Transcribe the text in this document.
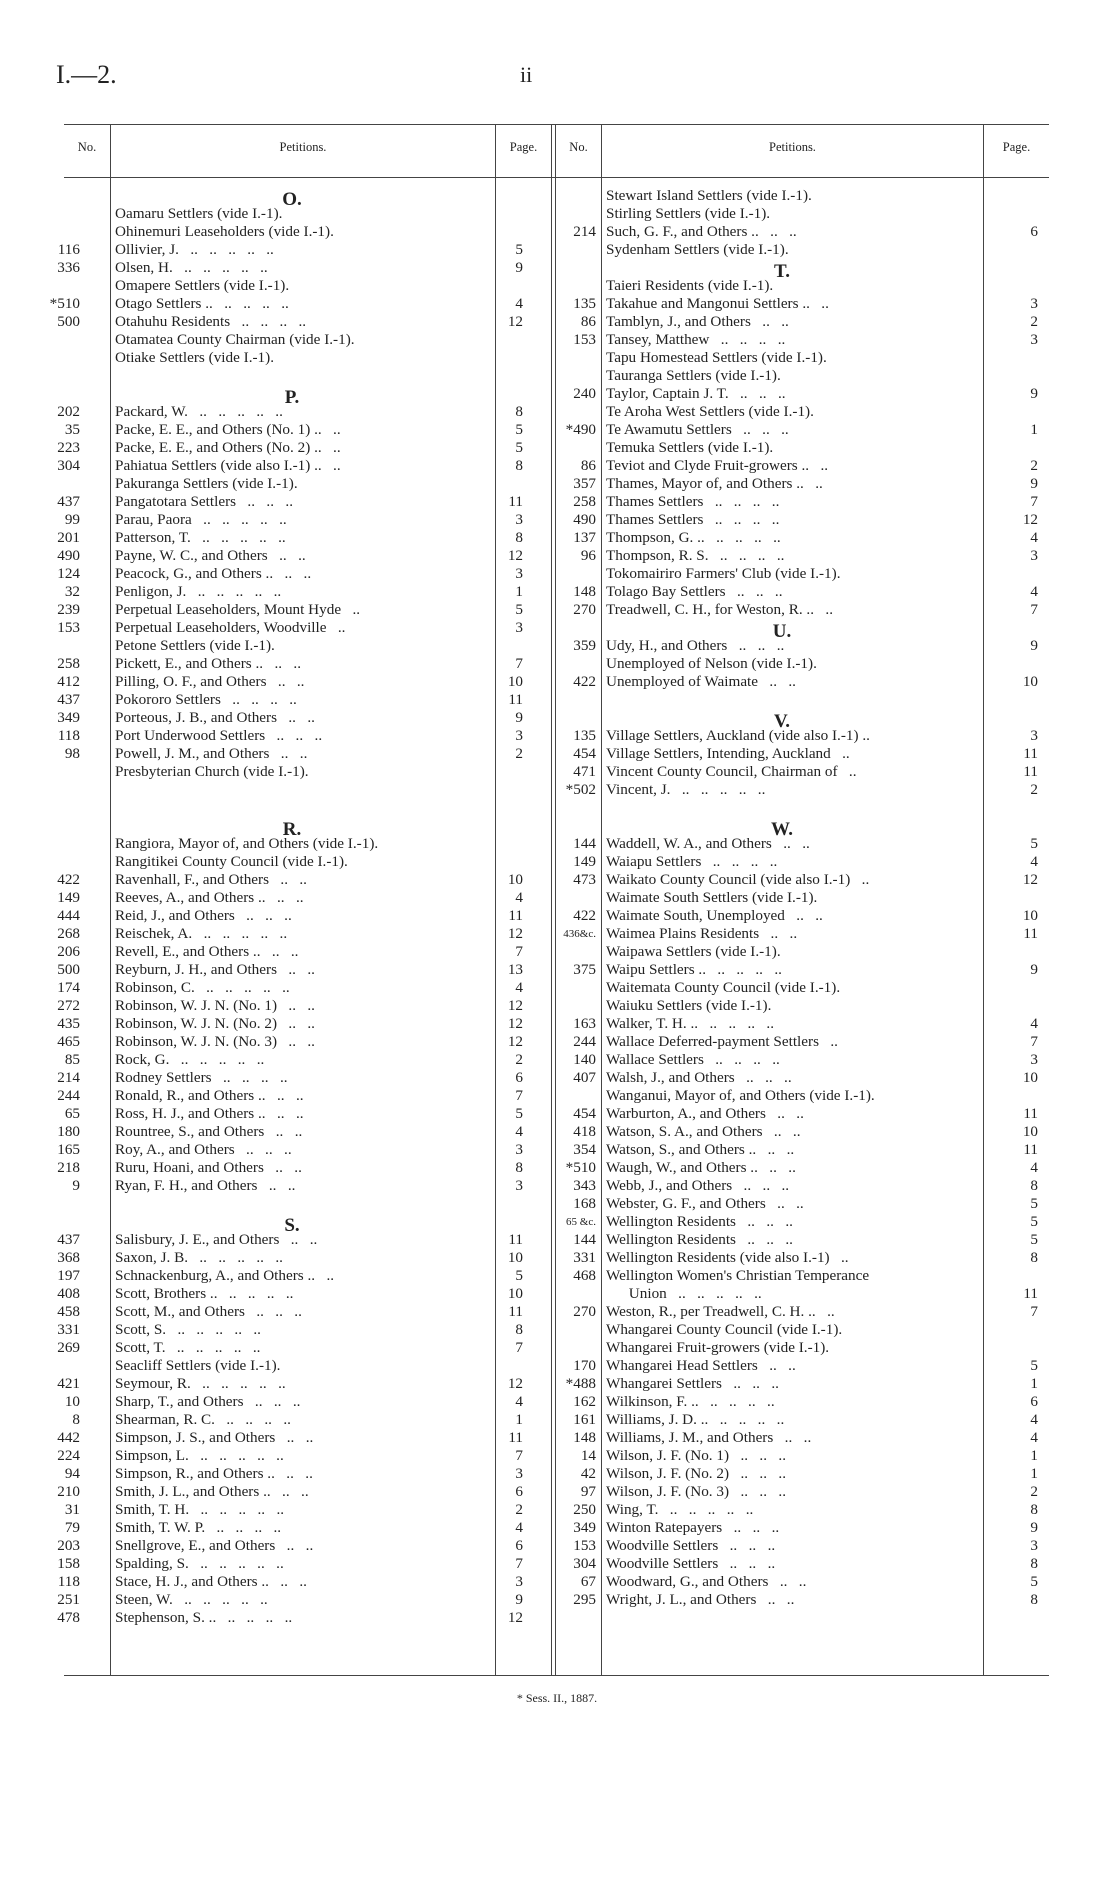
I.—2.	ii
No.	Petitions.	Page.	No.	Petitions.	Page.
O.
Oamaru Settlers (vide I.-1).
Ohinemuri Leaseholders (vide I.-1).
116 Ollivier, J.   ..   ..   ..   ..   ..	5
336 Olsen, H.   ..   ..   ..   ..   ..	9
Omapere Settlers (vide I.-1).
*510 Otago Settlers ..   ..   ..   ..   ..	4
500 Otahuhu Residents   ..   ..   ..   ..	12
Otamatea County Chairman (vide I.-1).
Otiake Settlers (vide I.-1).
P.
202 Packard, W.   ..   ..   ..   ..   ..	8
35 Packe, E. E., and Others (No. 1) ..   ..	5
223 Packe, E. E., and Others (No. 2) ..   ..	5
304 Pahiatua Settlers (vide also I.-1) ..   ..	8
Pakuranga Settlers (vide I.-1).
437 Pangatotara Settlers   ..   ..   ..	11
99 Parau, Paora   ..   ..   ..   ..   ..	3
201 Patterson, T.   ..   ..   ..   ..   ..	8
490 Payne, W. C., and Others   ..   ..	12
124 Peacock, G., and Others ..   ..   ..	3
32 Penligon, J.   ..   ..   ..   ..   ..	1
239 Perpetual Leaseholders, Mount Hyde   ..	5
153 Perpetual Leaseholders, Woodville   ..	3
Petone Settlers (vide I.-1).
258 Pickett, E., and Others ..   ..   ..	7
412 Pilling, O. F., and Others   ..   ..	10
437 Pokororo Settlers   ..   ..   ..   ..	11
349 Porteous, J. B., and Others   ..   ..	9
118 Port Underwood Settlers   ..   ..   ..	3
98 Powell, J. M., and Others   ..   ..	2
Presbyterian Church (vide I.-1).
R.
Rangiora, Mayor of, and Others (vide I.-1).
Rangitikei County Council (vide I.-1).
422 Ravenhall, F., and Others   ..   ..	10
149 Reeves, A., and Others ..   ..   ..	4
444 Reid, J., and Others   ..   ..   ..	11
268 Reischek, A.   ..   ..   ..   ..   ..	12
206 Revell, E., and Others ..   ..   ..	7
500 Reyburn, J. H., and Others   ..   ..	13
174 Robinson, C.   ..   ..   ..   ..   ..	4
272 Robinson, W. J. N. (No. 1)   ..   ..	12
435 Robinson, W. J. N. (No. 2)   ..   ..	12
465 Robinson, W. J. N. (No. 3)   ..   ..	12
85 Rock, G.   ..   ..   ..   ..   ..	2
214 Rodney Settlers   ..   ..   ..   ..	6
244 Ronald, R., and Others ..   ..   ..	7
65 Ross, H. J., and Others ..   ..   ..	5
180 Rountree, S., and Others   ..   ..	4
165 Roy, A., and Others   ..   ..   ..	3
218 Ruru, Hoani, and Others   ..   ..	8
9 Ryan, F. H., and Others   ..   ..	3
S.
437 Salisbury, J. E., and Others   ..   ..	11
368 Saxon, J. B.   ..   ..   ..   ..   ..	10
197 Schnackenburg, A., and Others ..   ..	5
408 Scott, Brothers ..   ..   ..   ..   ..	10
458 Scott, M., and Others   ..   ..   ..	11
331 Scott, S.   ..   ..   ..   ..   ..	8
269 Scott, T.   ..   ..   ..   ..   ..	7
Seacliff Settlers (vide I.-1).
421 Seymour, R.   ..   ..   ..   ..   ..	12
10 Sharp, T., and Others   ..   ..   ..	4
8 Shearman, R. C.   ..   ..   ..   ..	1
442 Simpson, J. S., and Others   ..   ..	11
224 Simpson, L.   ..   ..   ..   ..   ..	7
94 Simpson, R., and Others ..   ..   ..	3
210 Smith, J. L., and Others ..   ..   ..	6
31 Smith, T. H.   ..   ..   ..   ..   ..	2
79 Smith, T. W. P.   ..   ..   ..   ..	4
203 Snellgrove, E., and Others   ..   ..	6
158 Spalding, S.   ..   ..   ..   ..   ..	7
118 Stace, H. J., and Others ..   ..   ..	3
251 Steen, W.   ..   ..   ..   ..   ..	9
478 Stephenson, S. ..   ..   ..   ..   ..	12
Stewart Island Settlers (vide I.-1).
Stirling Settlers (vide I.-1).
214 Such, G. F., and Others ..   ..   ..	6
Sydenham Settlers (vide I.-1).
T.
Taieri Residents (vide I.-1).
135 Takahue and Mangonui Settlers ..   ..	3
86 Tamblyn, J., and Others   ..   ..	2
153 Tansey, Matthew   ..   ..   ..   ..	3
Tapu Homestead Settlers (vide I.-1).
Tauranga Settlers (vide I.-1).
240 Taylor, Captain J. T.   ..   ..   ..	9
Te Aroha West Settlers (vide I.-1).
*490 Te Awamutu Settlers   ..   ..   ..	1
Temuka Settlers (vide I.-1).
86 Teviot and Clyde Fruit-growers ..   ..	2
357 Thames, Mayor of, and Others ..   ..	9
258 Thames Settlers   ..   ..   ..   ..	7
490 Thames Settlers   ..   ..   ..   ..	12
137 Thompson, G. ..   ..   ..   ..   ..	4
96 Thompson, R. S.   ..   ..   ..   ..	3
Tokomairiro Farmers' Club (vide I.-1).
148 Tolago Bay Settlers   ..   ..   ..	4
270 Treadwell, C. H., for Weston, R. ..   ..	7
U.
359 Udy, H., and Others   ..   ..   ..	9
Unemployed of Nelson (vide I.-1).
422 Unemployed of Waimate   ..   ..	10
V.
135 Village Settlers, Auckland (vide also I.-1) ..	3
454 Village Settlers, Intending, Auckland   ..	11
471 Vincent County Council, Chairman of   ..	11
*502 Vincent, J.   ..   ..   ..   ..   ..	2
W.
144 Waddell, W. A., and Others   ..   ..	5
149 Waiapu Settlers   ..   ..   ..   ..	4
473 Waikato County Council (vide also I.-1)   ..	12
Waimate South Settlers (vide I.-1).
422 Waimate South, Unemployed   ..   ..	10
436&c. Waimea Plains Residents   ..   ..	11
Waipawa Settlers (vide I.-1).
375 Waipu Settlers ..   ..   ..   ..   ..	9
Waitemata County Council (vide I.-1).
Waiuku Settlers (vide I.-1).
163 Walker, T. H. ..   ..   ..   ..   ..	4
244 Wallace Deferred-payment Settlers   ..	7
140 Wallace Settlers   ..   ..   ..   ..	3
407 Walsh, J., and Others   ..   ..   ..	10
Wanganui, Mayor of, and Others (vide I.-1).
454 Warburton, A., and Others   ..   ..	11
418 Watson, S. A., and Others   ..   ..	10
354 Watson, S., and Others ..   ..   ..	11
*510 Waugh, W., and Others ..   ..   ..	4
343 Webb, J., and Others   ..   ..   ..	8
168 Webster, G. F., and Others   ..   ..	5
65 &c. Wellington Residents   ..   ..   ..	5
144 Wellington Residents   ..   ..   ..	5
331 Wellington Residents (vide also I.-1)   ..	8
468 Wellington Women's Christian Temperance
Union   ..   ..   ..   ..   ..	11
270 Weston, R., per Treadwell, C. H. ..   ..	7
Whangarei County Council (vide I.-1).
Whangarei Fruit-growers (vide I.-1).
170 Whangarei Head Settlers   ..   ..	5
*488 Whangarei Settlers   ..   ..   ..	1
162 Wilkinson, F. ..   ..   ..   ..   ..	6
161 Williams, J. D. ..   ..   ..   ..   ..	4
148 Williams, J. M., and Others   ..   ..	4
14 Wilson, J. F. (No. 1)   ..   ..   ..	1
42 Wilson, J. F. (No. 2)   ..   ..   ..	1
97 Wilson, J. F. (No. 3)   ..   ..   ..	2
250 Wing, T.   ..   ..   ..   ..   ..	8
349 Winton Ratepayers   ..   ..   ..	9
153 Woodville Settlers   ..   ..   ..	3
304 Woodville Settlers   ..   ..   ..	8
67 Woodward, G., and Others   ..   ..	5
295 Wright, J. L., and Others   ..   ..	8
* Sess. II., 1887.
